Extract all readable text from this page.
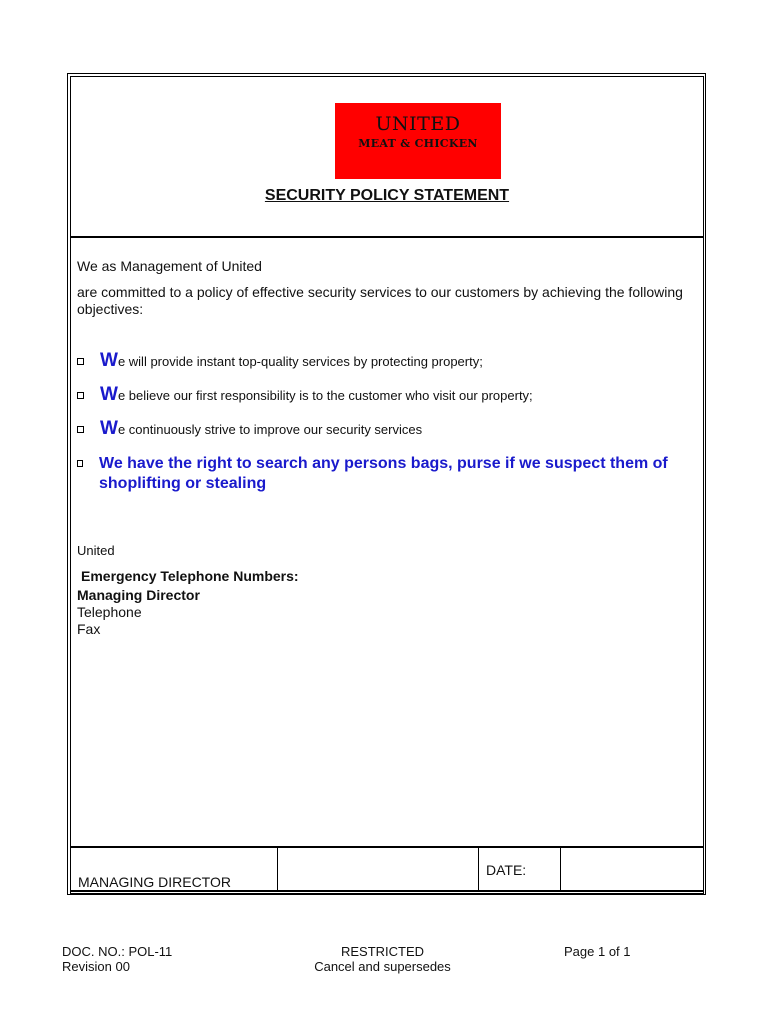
UNITED
MEAT & CHICKEN
SECURITY POLICY STATEMENT
We as Management of United
are committed to a policy of effective security services to our customers by achieving the following objectives:
W e will provide instant top-quality services by protecting property;
W e believe our first responsibility is to the customer who visit our property;
W e continuously strive to improve our security services
We have the right to search any persons bags, purse if we suspect them of shoplifting or stealing
United
Emergency Telephone Numbers:
Managing Director
Telephone
Fax
MANAGING DIRECTOR
DATE:
DOC. NO.: POL-11
Revision 00
RESTRICTED
Cancel and supersedes
Page 1 of 1
